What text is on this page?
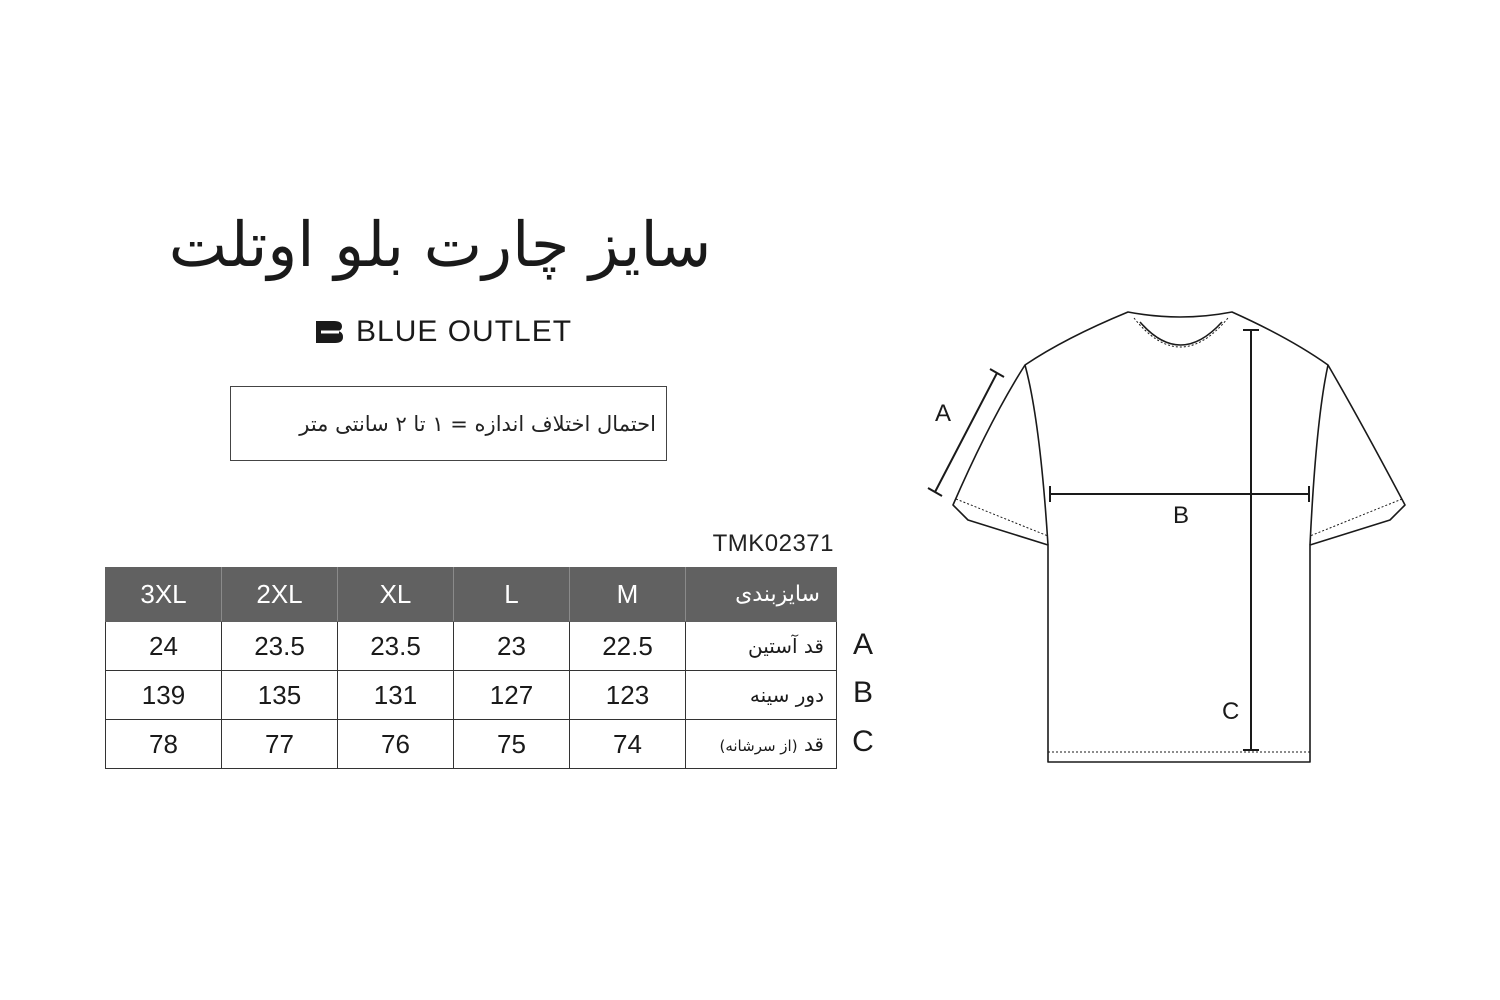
سایز چارت بلو اوتلت
BLUE OUTLET
احتمال اختلاف اندازه = ۱ تا ۲ سانتی متر
TMK02371
3XL	2XL	XL	L	M	سایزبندی
24	23.5	23.5	23	22.5	قد آستین
139	135	131	127	123	دور سینه
78	77	76	75	74	قد (از سرشانه)
A
B
C
A
B
C
